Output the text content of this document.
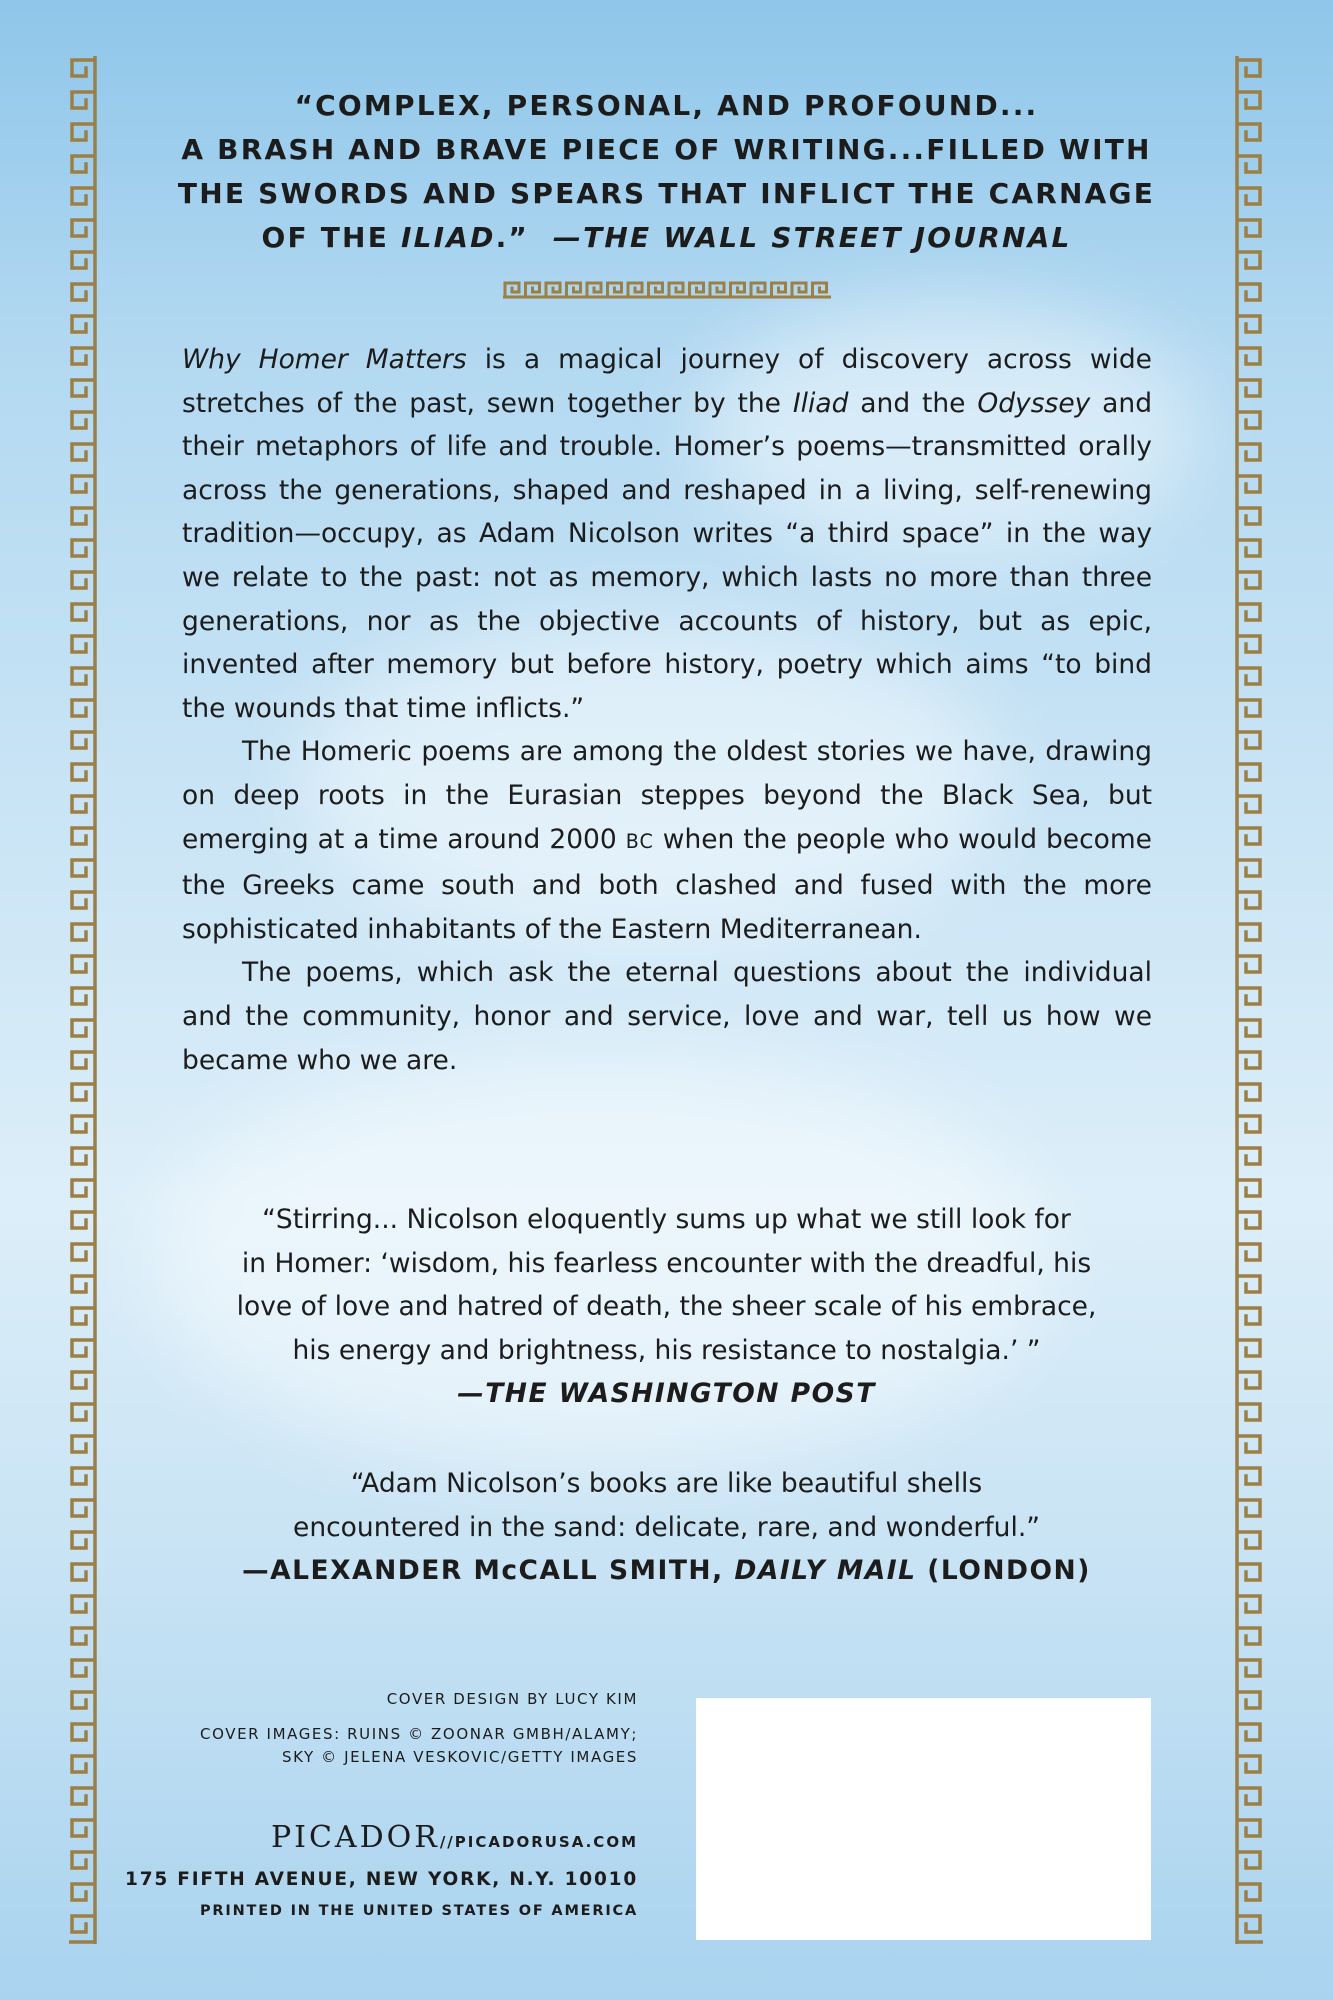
“COMPLEX, PERSONAL, AND PROFOUND...
A BRASH AND BRAVE PIECE OF WRITING...FILLED WITH
THE SWORDS AND SPEARS THAT INFLICT THE CARNAGE
OF THE ILIAD.”  —THE WALL STREET JOURNAL

Why Homer Matters is a magical journey of discovery across wide stretches of the past, sewn together by the Iliad and the Odyssey and their metaphors of life and trouble. Homer’s poems—transmitted orally across the generations, shaped and reshaped in a living, self-renewing tradition—occupy, as Adam Nicolson writes “a third space” in the way we relate to the past: not as memory, which lasts no more than three generations, nor as the objective accounts of history, but as epic, invented after memory but before history, poetry which aims “to bind the wounds that time inflicts.”

The Homeric poems are among the oldest stories we have, drawing on deep roots in the Eurasian steppes beyond the Black Sea, but emerging at a time around 2000 BC when the people who would become the Greeks came south and both clashed and fused with the more sophisticated inhabitants of the Eastern Mediterranean.

The poems, which ask the eternal questions about the individual and the community, honor and service, love and war, tell us how we became who we are.

“Stirring... Nicolson eloquently sums up what we still look for
in Homer: ‘wisdom, his fearless encounter with the dreadful, his
love of love and hatred of death, the sheer scale of his embrace,
his energy and brightness, his resistance to nostalgia.’ ”
—THE WASHINGTON POST
“Adam Nicolson’s books are like beautiful shells
encountered in the sand: delicate, rare, and wonderful.”
—ALEXANDER McCALL SMITH, DAILY MAIL (LONDON)
COVER DESIGN BY LUCY KIM
COVER IMAGES: RUINS © ZOONAR GMBH/ALAMY;
SKY © JELENA VESKOVIC/GETTY IMAGES
PICADOR//PICADORUSA.COM
175 FIFTH AVENUE, NEW YORK, N.Y. 10010
PRINTED IN THE UNITED STATES OF AMERICA
